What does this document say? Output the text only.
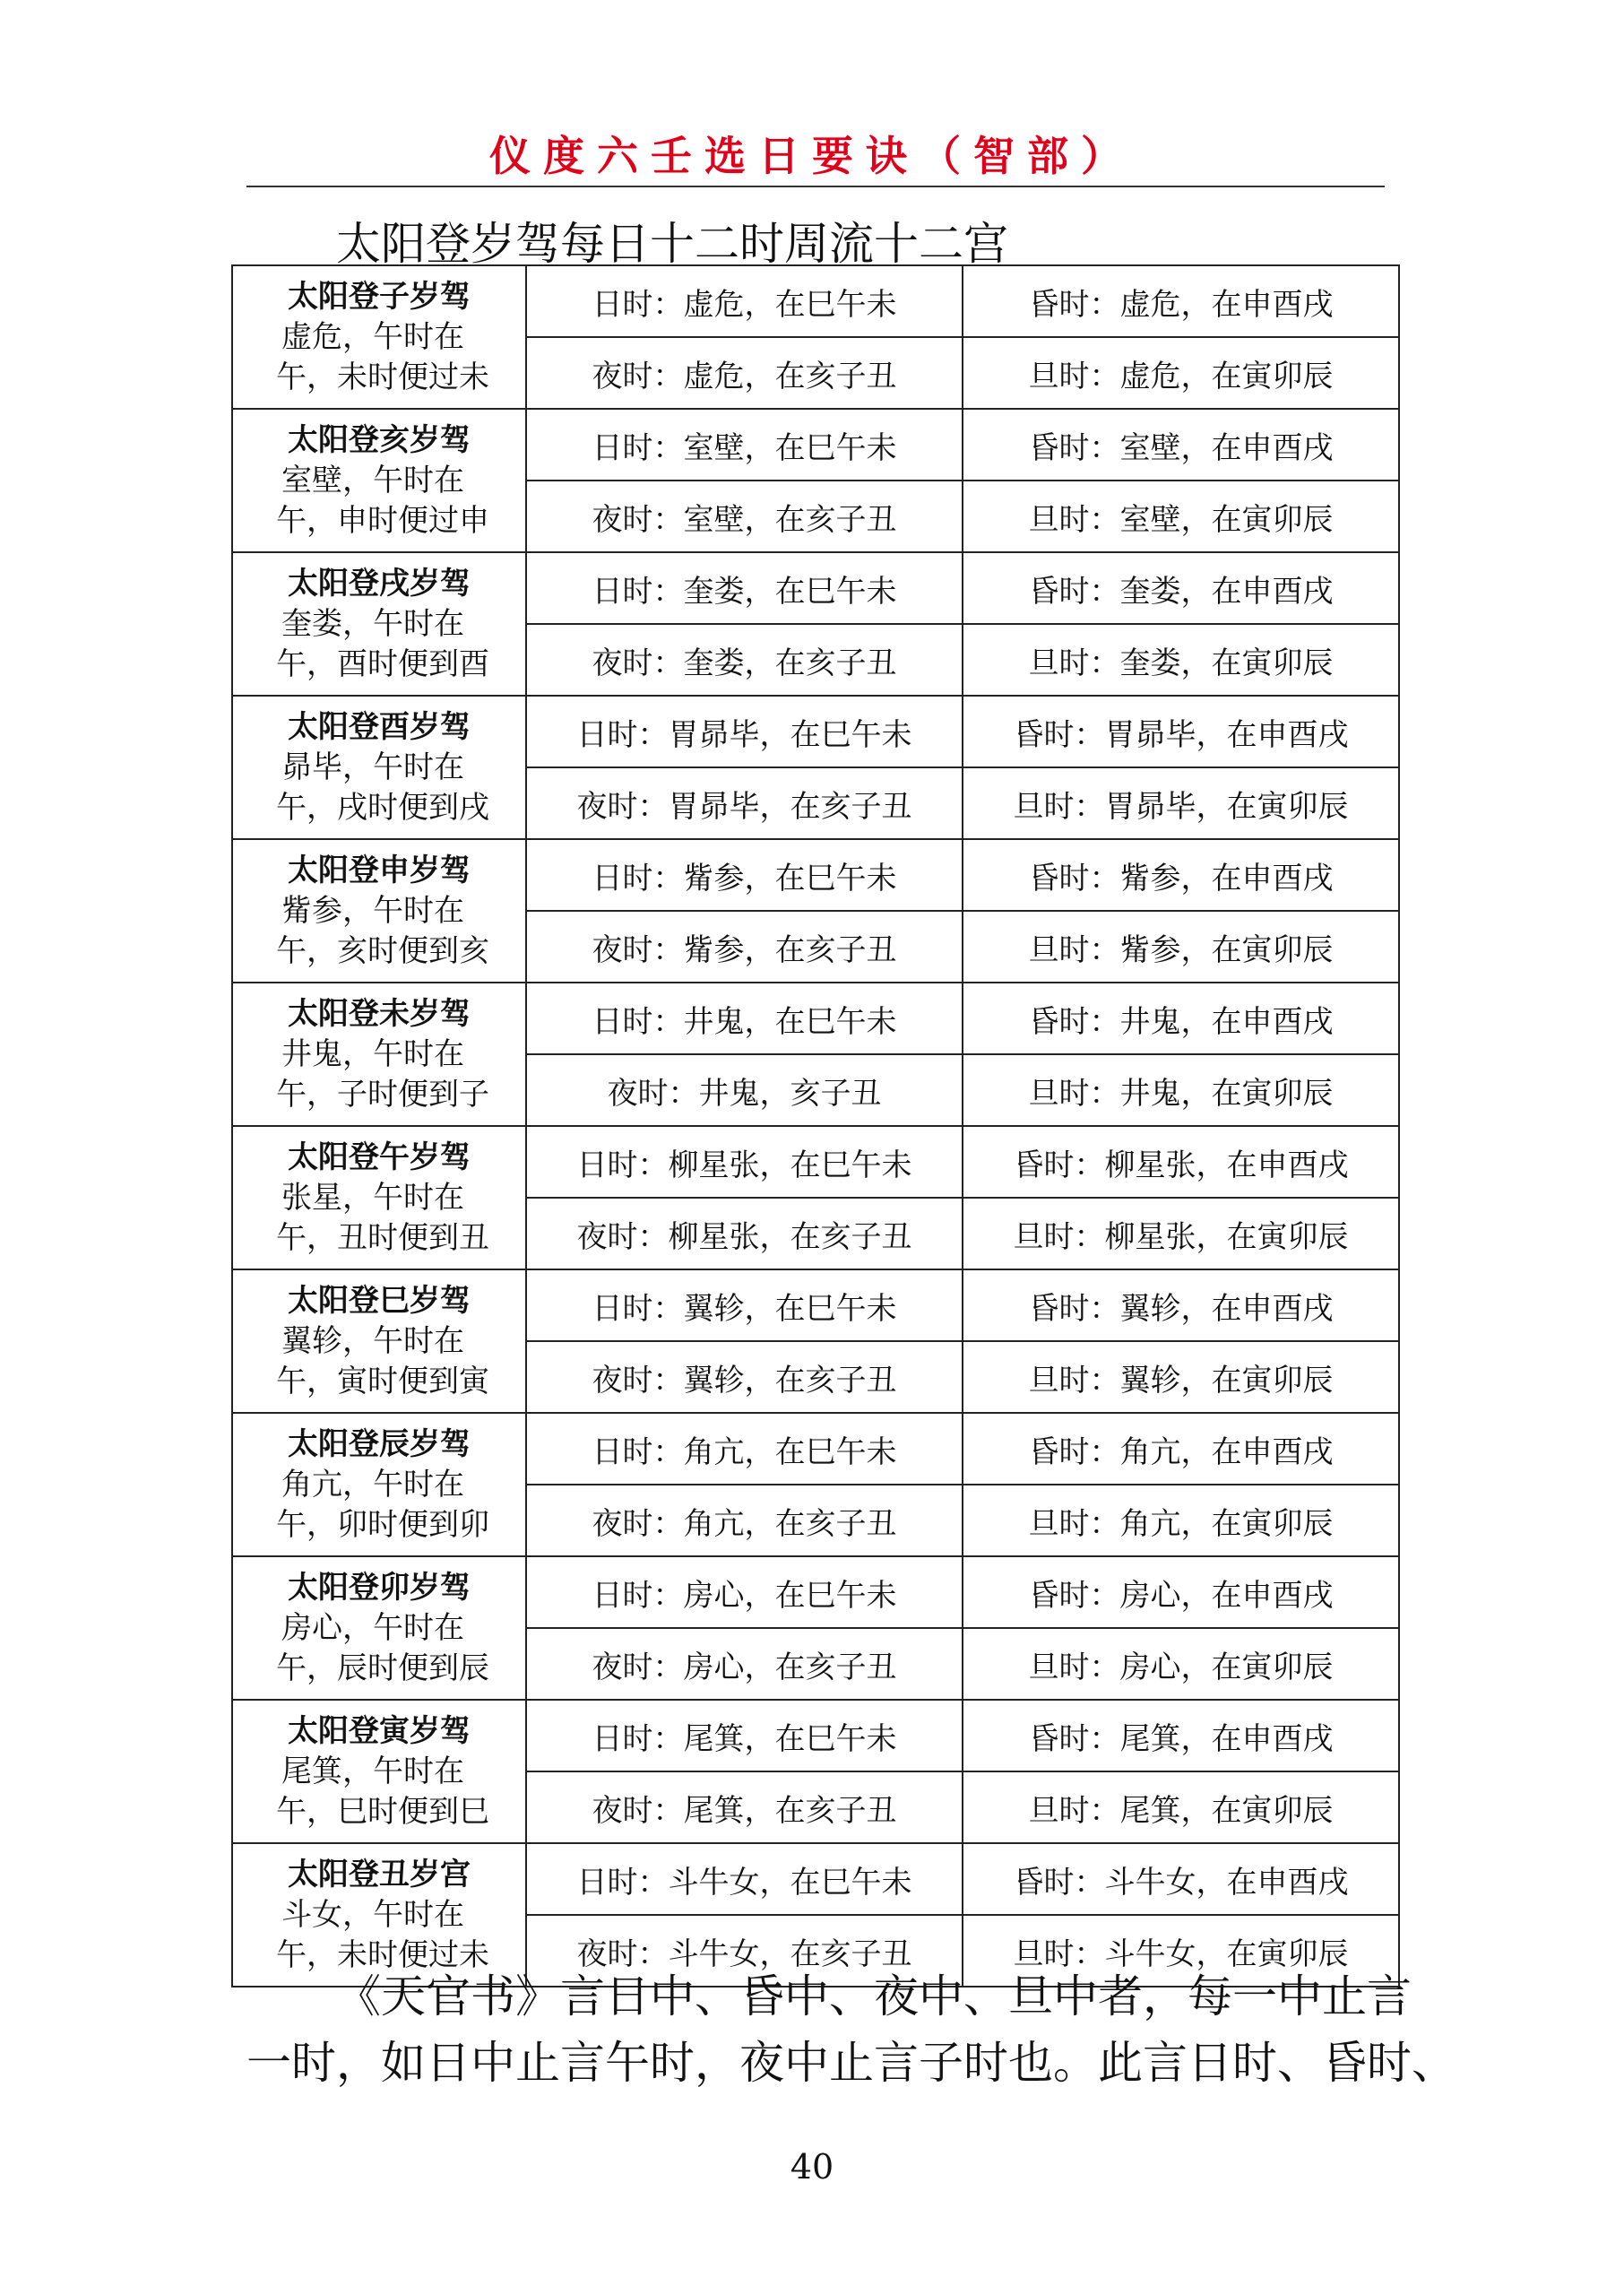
仪度六壬选日要诀（智部）
太阳登岁驾每日十二时周流十二宫
太阳登子岁驾
虚危，午时在
午，未时便过未	日时：虚危，在巳午未	昏时：虚危，在申酉戌
	夜时：虚危，在亥子丑	旦时：虚危，在寅卯辰

太阳登亥岁驾
室壁，午时在
午，申时便过申	日时：室壁，在巳午未	昏时：室壁，在申酉戌
	夜时：室壁，在亥子丑	旦时：室壁，在寅卯辰

太阳登戌岁驾
奎娄，午时在
午，酉时便到酉	日时：奎娄，在巳午未	昏时：奎娄，在申酉戌
	夜时：奎娄，在亥子丑	旦时：奎娄，在寅卯辰

太阳登酉岁驾
昴毕，午时在
午，戌时便到戌	日时：胃昴毕，在巳午未	昏时：胃昴毕，在申酉戌
	夜时：胃昴毕，在亥子丑	旦时：胃昴毕，在寅卯辰

太阳登申岁驾
觜参，午时在
午，亥时便到亥	日时：觜参，在巳午未	昏时：觜参，在申酉戌
	夜时：觜参，在亥子丑	旦时：觜参，在寅卯辰

太阳登未岁驾
井鬼，午时在
午，子时便到子	日时：井鬼，在巳午未	昏时：井鬼，在申酉戌
	夜时：井鬼，亥子丑	旦时：井鬼，在寅卯辰

太阳登午岁驾
张星，午时在
午，丑时便到丑	日时：柳星张，在巳午未	昏时：柳星张，在申酉戌
	夜时：柳星张，在亥子丑	旦时：柳星张，在寅卯辰

太阳登巳岁驾
翼轸，午时在
午，寅时便到寅	日时：翼轸，在巳午未	昏时：翼轸，在申酉戌
	夜时：翼轸，在亥子丑	旦时：翼轸，在寅卯辰

太阳登辰岁驾
角亢，午时在
午，卯时便到卯	日时：角亢，在巳午未	昏时：角亢，在申酉戌
	夜时：角亢，在亥子丑	旦时：角亢，在寅卯辰

太阳登卯岁驾
房心，午时在
午，辰时便到辰	日时：房心，在巳午未	昏时：房心，在申酉戌
	夜时：房心，在亥子丑	旦时：房心，在寅卯辰

太阳登寅岁驾
尾箕，午时在
午，巳时便到巳	日时：尾箕，在巳午未	昏时：尾箕，在申酉戌
	夜时：尾箕，在亥子丑	旦时：尾箕，在寅卯辰

太阳登丑岁宫
斗女，午时在
午，未时便过未	日时：斗牛女，在巳午未	昏时：斗牛女，在申酉戌
	夜时：斗牛女，在亥子丑	旦时：斗牛女，在寅卯辰

《天官书》言日中、昏中、夜中、旦中者，每一中止言

一时，如日中止言午时，夜中止言子时也。此言日时、昏时、

40
